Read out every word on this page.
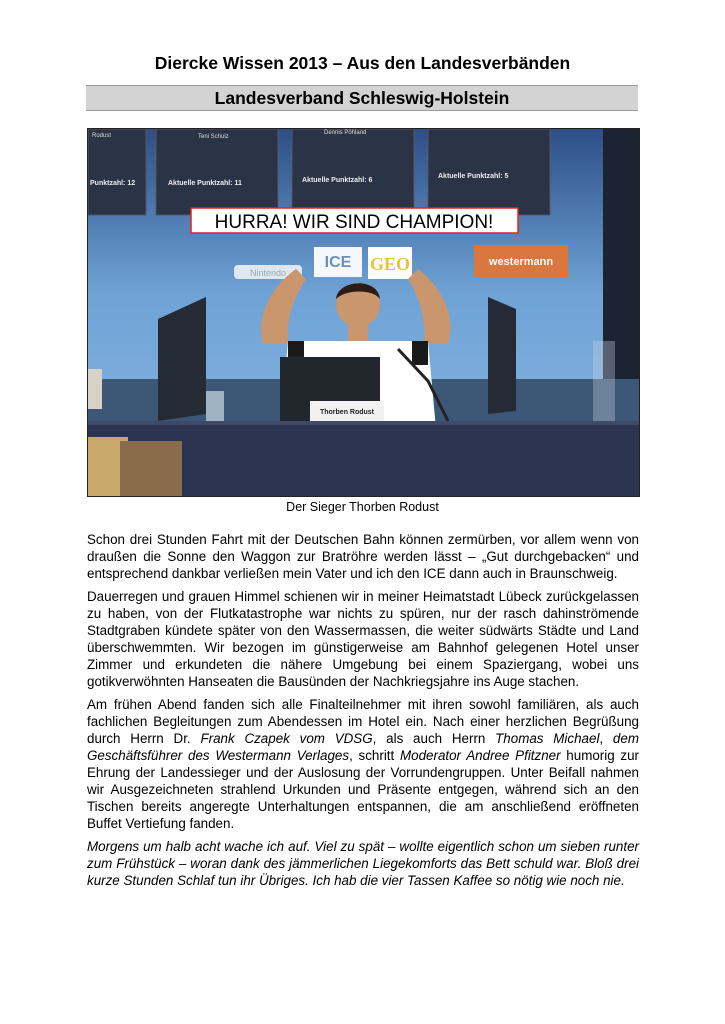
Diercke Wissen 2013 – Aus den Landesverbänden
Landesverband Schleswig-Holstein
Rodust
Punktzahl: 12
Teni Schulz
Aktuelle Punktzahl: 11
Dennis Pöhland
Aktuelle Punktzahl: 6
Aktuelle Punktzahl: 5
HURRA! WIR SIND CHAMPION!
Nintendo
ICE GEO	westermann
Thorben Rodust
Der Sieger Thorben Rodust

Schon drei Stunden Fahrt mit der Deutschen Bahn können zermürben, vor allem wenn von draußen die Sonne den Waggon zur Bratröhre werden lässt – „Gut durchgebacken“ und entsprechend dankbar verließen mein Vater und ich den ICE dann auch in Braunschweig.

Dauerregen und grauen Himmel schienen wir in meiner Heimatstadt Lübeck zurückgelassen zu haben, von der Flutkatastrophe war nichts zu spüren, nur der rasch dahinströmende Stadtgraben kündete später von den Wassermassen, die weiter südwärts Städte und Land überschwemmten. Wir bezogen im günstigerweise am Bahnhof gelegenen Hotel unser Zimmer und erkundeten die nähere Umgebung bei einem Spaziergang, wobei uns gotikverwöhnten Hanseaten die Bausünden der Nachkriegsjahre ins Auge stachen.

Am frühen Abend fanden sich alle Finalteilnehmer mit ihren sowohl familiären, als auch fachlichen Begleitungen zum Abendessen im Hotel ein. Nach einer herzlichen Begrüßung durch Herrn Dr. Frank Czapek vom VDSG, als auch Herrn Thomas Michael, dem Geschäftsführer des Westermann Verlages, schritt Moderator Andree Pfitzner humorig zur Ehrung der Landessieger und der Auslosung der Vorrundengruppen. Unter Beifall nahmen wir Ausgezeichneten strahlend Urkunden und Präsente entgegen, während sich an den Tischen bereits angeregte Unterhaltungen entspannen, die am anschließend eröffneten Buffet Vertiefung fanden.

Morgens um halb acht wache ich auf. Viel zu spät – wollte eigentlich schon um sieben runter zum Frühstück – woran dank des jämmerlichen Liegekomforts das Bett schuld war. Bloß drei kurze Stunden Schlaf tun ihr Übriges. Ich hab die vier Tassen Kaffee so nötig wie noch nie.
